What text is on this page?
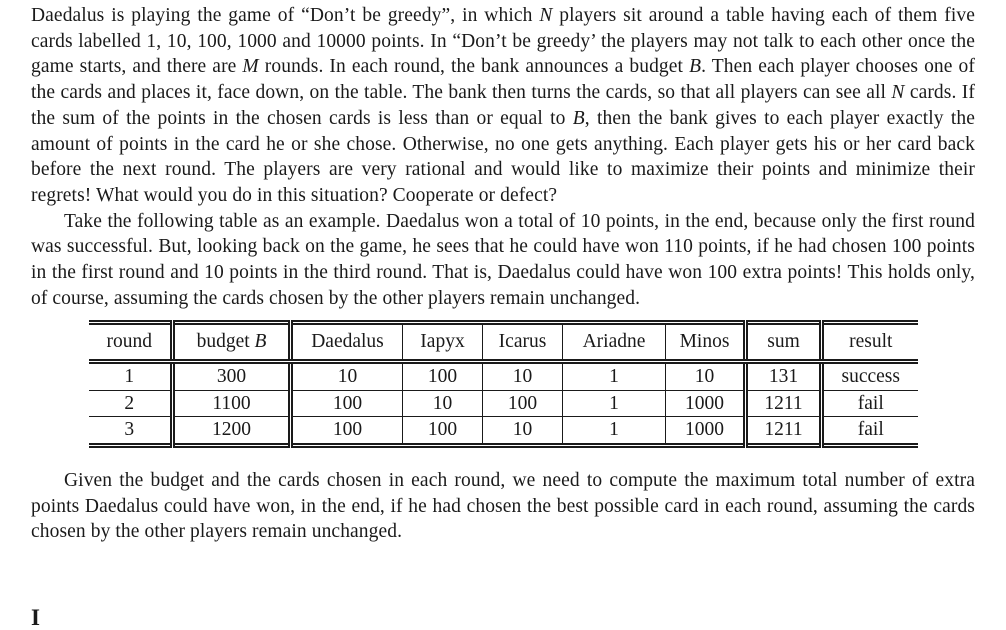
Daedalus is playing the game of “Don’t be greedy”, in which N players sit around a table having each of them five cards labelled 1, 10, 100, 1000 and 10000 points. In “Don’t be greedy’ the players may not talk to each other once the game starts, and there are M rounds. In each round, the bank announces a budget B. Then each player chooses one of the cards and places it, face down, on the table. The bank then turns the cards, so that all players can see all N cards. If the sum of the points in the chosen cards is less than or equal to B, then the bank gives to each player exactly the amount of points in the card he or she chose. Otherwise, no one gets anything. Each player gets his or her card back before the next round. The players are very rational and would like to maximize their points and minimize their regrets! What would you do in this situation? Cooperate or defect?

Take the following table as an example. Daedalus won a total of 10 points, in the end, because only the first round was successful. But, looking back on the game, he sees that he could have won 110 points, if he had chosen 100 points in the first round and 10 points in the third round. That is, Daedalus could have won 100 extra points! This holds only, of course, assuming the cards chosen by the other players remain unchanged.

round	budget B	Daedalus	Iapyx	Icarus	Ariadne	Minos	sum	result
1	300	10	100	10	1	10	131	success
2	1100	100	10	100	1	1000	1211	fail
3	1200	100	100	10	1	1000	1211	fail

Given the budget and the cards chosen in each round, we need to compute the maximum total number of extra points Daedalus could have won, in the end, if he had chosen the best possible card in each round, assuming the cards chosen by the other players remain unchanged.

I
